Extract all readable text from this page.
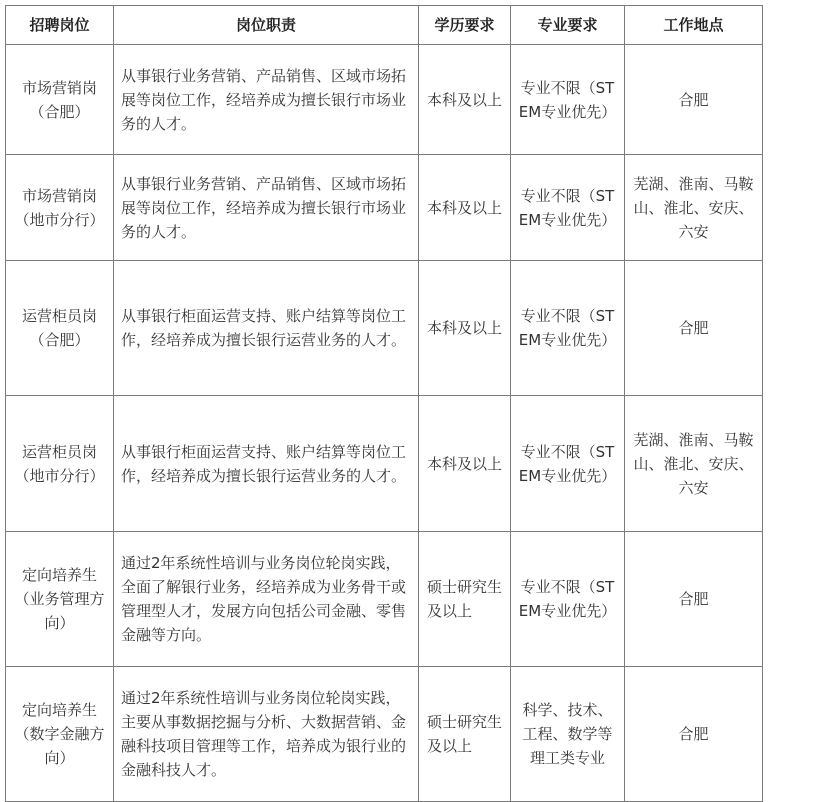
招聘岗位	岗位职责	学历要求	专业要求	工作地点
市场营销岗（合肥）	从事银行业务营销、产品销售、区域市场拓展等岗位工作，经培养成为擅长银行市场业务的人才。	本科及以上	专业不限（STEM专业优先）	合肥
市场营销岗（地市分行）	从事银行业务营销、产品销售、区域市场拓展等岗位工作，经培养成为擅长银行市场业务的人才。	本科及以上	专业不限（STEM专业优先）	芜湖、淮南、马鞍山、淮北、安庆、六安
运营柜员岗（合肥）	从事银行柜面运营支持、账户结算等岗位工作，经培养成为擅长银行运营业务的人才。	本科及以上	专业不限（STEM专业优先）	合肥
运营柜员岗（地市分行）	从事银行柜面运营支持、账户结算等岗位工作，经培养成为擅长银行运营业务的人才。	本科及以上	专业不限（STEM专业优先）	芜湖、淮南、马鞍山、淮北、安庆、六安
定向培养生（业务管理方向）	通过2年系统性培训与业务岗位轮岗实践，全面了解银行业务，经培养成为业务骨干或管理型人才，发展方向包括公司金融、零售金融等方向。	硕士研究生及以上	专业不限（STEM专业优先）	合肥
定向培养生（数字金融方向）	通过2年系统性培训与业务岗位轮岗实践，主要从事数据挖掘与分析、大数据营销、金融科技项目管理等工作，培养成为银行业的金融科技人才。	硕士研究生及以上	科学、技术、工程、数学等理工类专业	合肥
